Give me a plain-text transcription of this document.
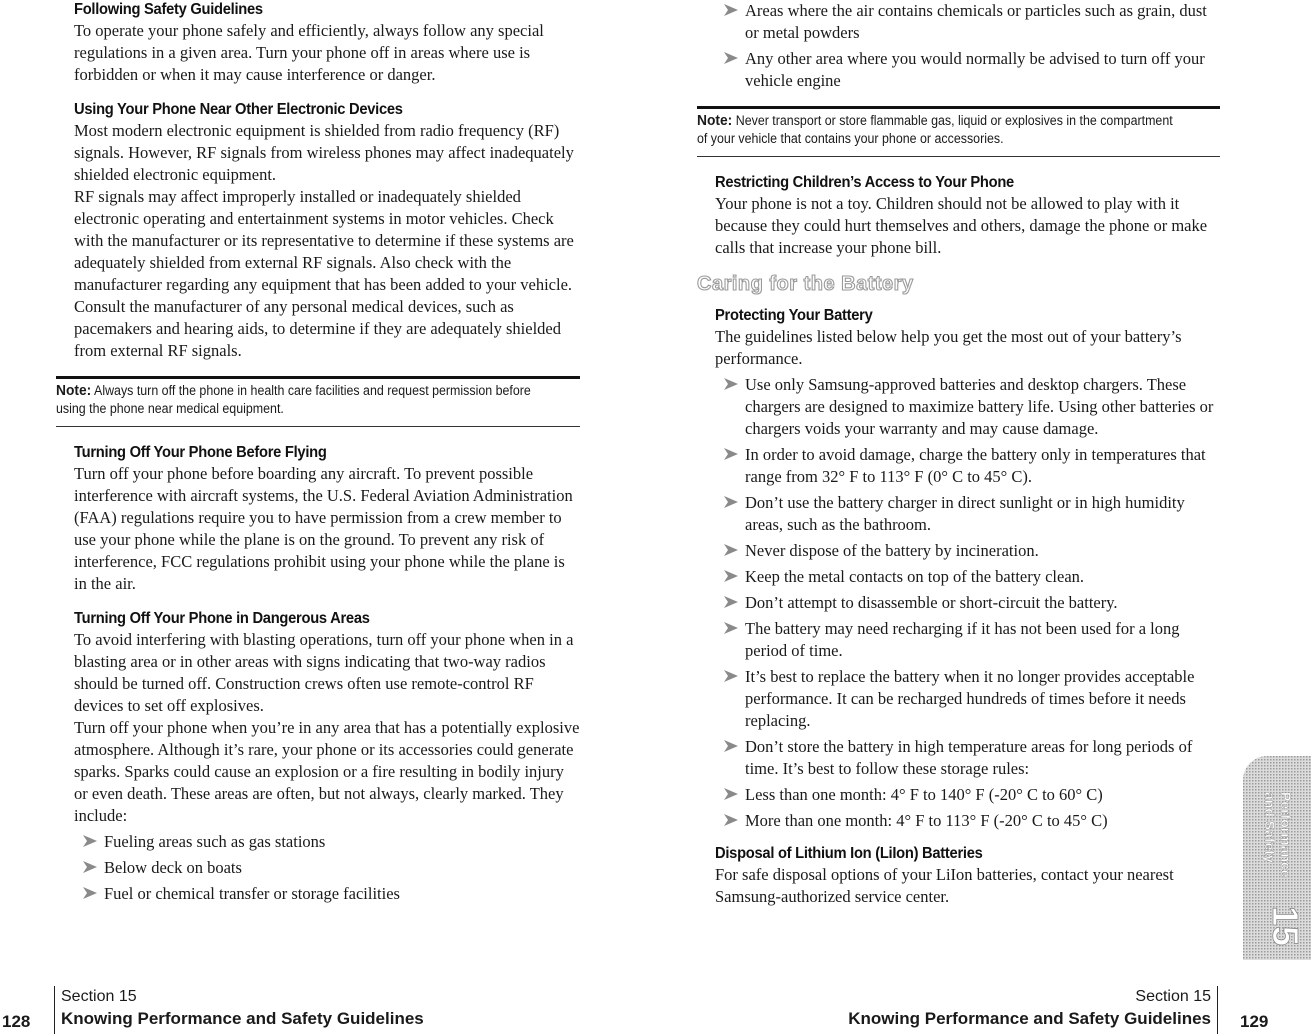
Following Safety Guidelines

To operate your phone safely and efficiently, always follow any special regulations in a given area. Turn your phone off in areas where use is forbidden or when it may cause interference or danger.

Using Your Phone Near Other Electronic Devices

Most modern electronic equipment is shielded from radio frequency (RF) signals. However, RF signals from wireless phones may affect inadequately shielded electronic equipment.

RF signals may affect improperly installed or inadequately shielded electronic operating and entertainment systems in motor vehicles. Check with the manufacturer or its representative to determine if these systems are adequately shielded from external RF signals. Also check with the manufacturer regarding any equipment that has been added to your vehicle.

Consult the manufacturer of any personal medical devices, such as pacemakers and hearing aids, to determine if they are adequately shielded from external RF signals.

Note: Always turn off the phone in health care facilities and request permission before using the phone near medical equipment.
Turning Off Your Phone Before Flying

Turn off your phone before boarding any aircraft. To prevent possible interference with aircraft systems, the U.S. Federal Aviation Administration (FAA) regulations require you to have permission from a crew member to use your phone while the plane is on the ground. To prevent any risk of interference, FCC regulations prohibit using your phone while the plane is in the air.

Turning Off Your Phone in Dangerous Areas

To avoid interfering with blasting operations, turn off your phone when in a blasting area or in other areas with signs indicating that two-way radios should be turned off. Construction crews often use remote-control RF devices to set off explosives.

Turn off your phone when you’re in any area that has a potentially explosive atmosphere. Although it’s rare, your phone or its accessories could generate sparks. Sparks could cause an explosion or a fire resulting in bodily injury or even death. These areas are often, but not always, clearly marked. They include:

Fueling areas such as gas stations
Below deck on boats
Fuel or chemical transfer or storage facilities
Areas where the air contains chemicals or particles such as grain, dust or metal powders
Any other area where you would normally be advised to turn off your vehicle engine
Note: Never transport or store flammable gas, liquid or explosives in the compartment of your vehicle that contains your phone or accessories.
Restricting Children’s Access to Your Phone

Your phone is not a toy. Children should not be allowed to play with it because they could hurt themselves and others, damage the phone or make calls that increase your phone bill.

Caring for the Battery
Protecting Your Battery

The guidelines listed below help you get the most out of your battery’s performance.

Use only Samsung-approved batteries and desktop chargers. These chargers are designed to maximize battery life. Using other batteries or chargers voids your warranty and may cause damage.
In order to avoid damage, charge the battery only in temperatures that range from 32° F to 113° F (0° C to 45° C).
Don’t use the battery charger in direct sunlight or in high humidity areas, such as the bathroom.
Never dispose of the battery by incineration.
Keep the metal contacts on top of the battery clean.
Don’t attempt to disassemble or short-circuit the battery.
The battery may need recharging if it has not been used for a long period of time.
It’s best to replace the battery when it no longer provides acceptable performance. It can be recharged hundreds of times before it needs replacing.
Don’t store the battery in high temperature areas for long periods of time. It’s best to follow these storage rules:
Less than one month: 4° F to 140° F (-20° C to 60° C)
More than one month: 4° F to 113° F (-20° C to 45° C)
Disposal of Lithium Ion (LiIon) Batteries

For safe disposal options of your LiIon batteries, contact your nearest Samsung-authorized service center.

Performance
and Safety
15
128
Section 15
Knowing Performance and Safety Guidelines
Section 15
Knowing Performance and Safety Guidelines 129
